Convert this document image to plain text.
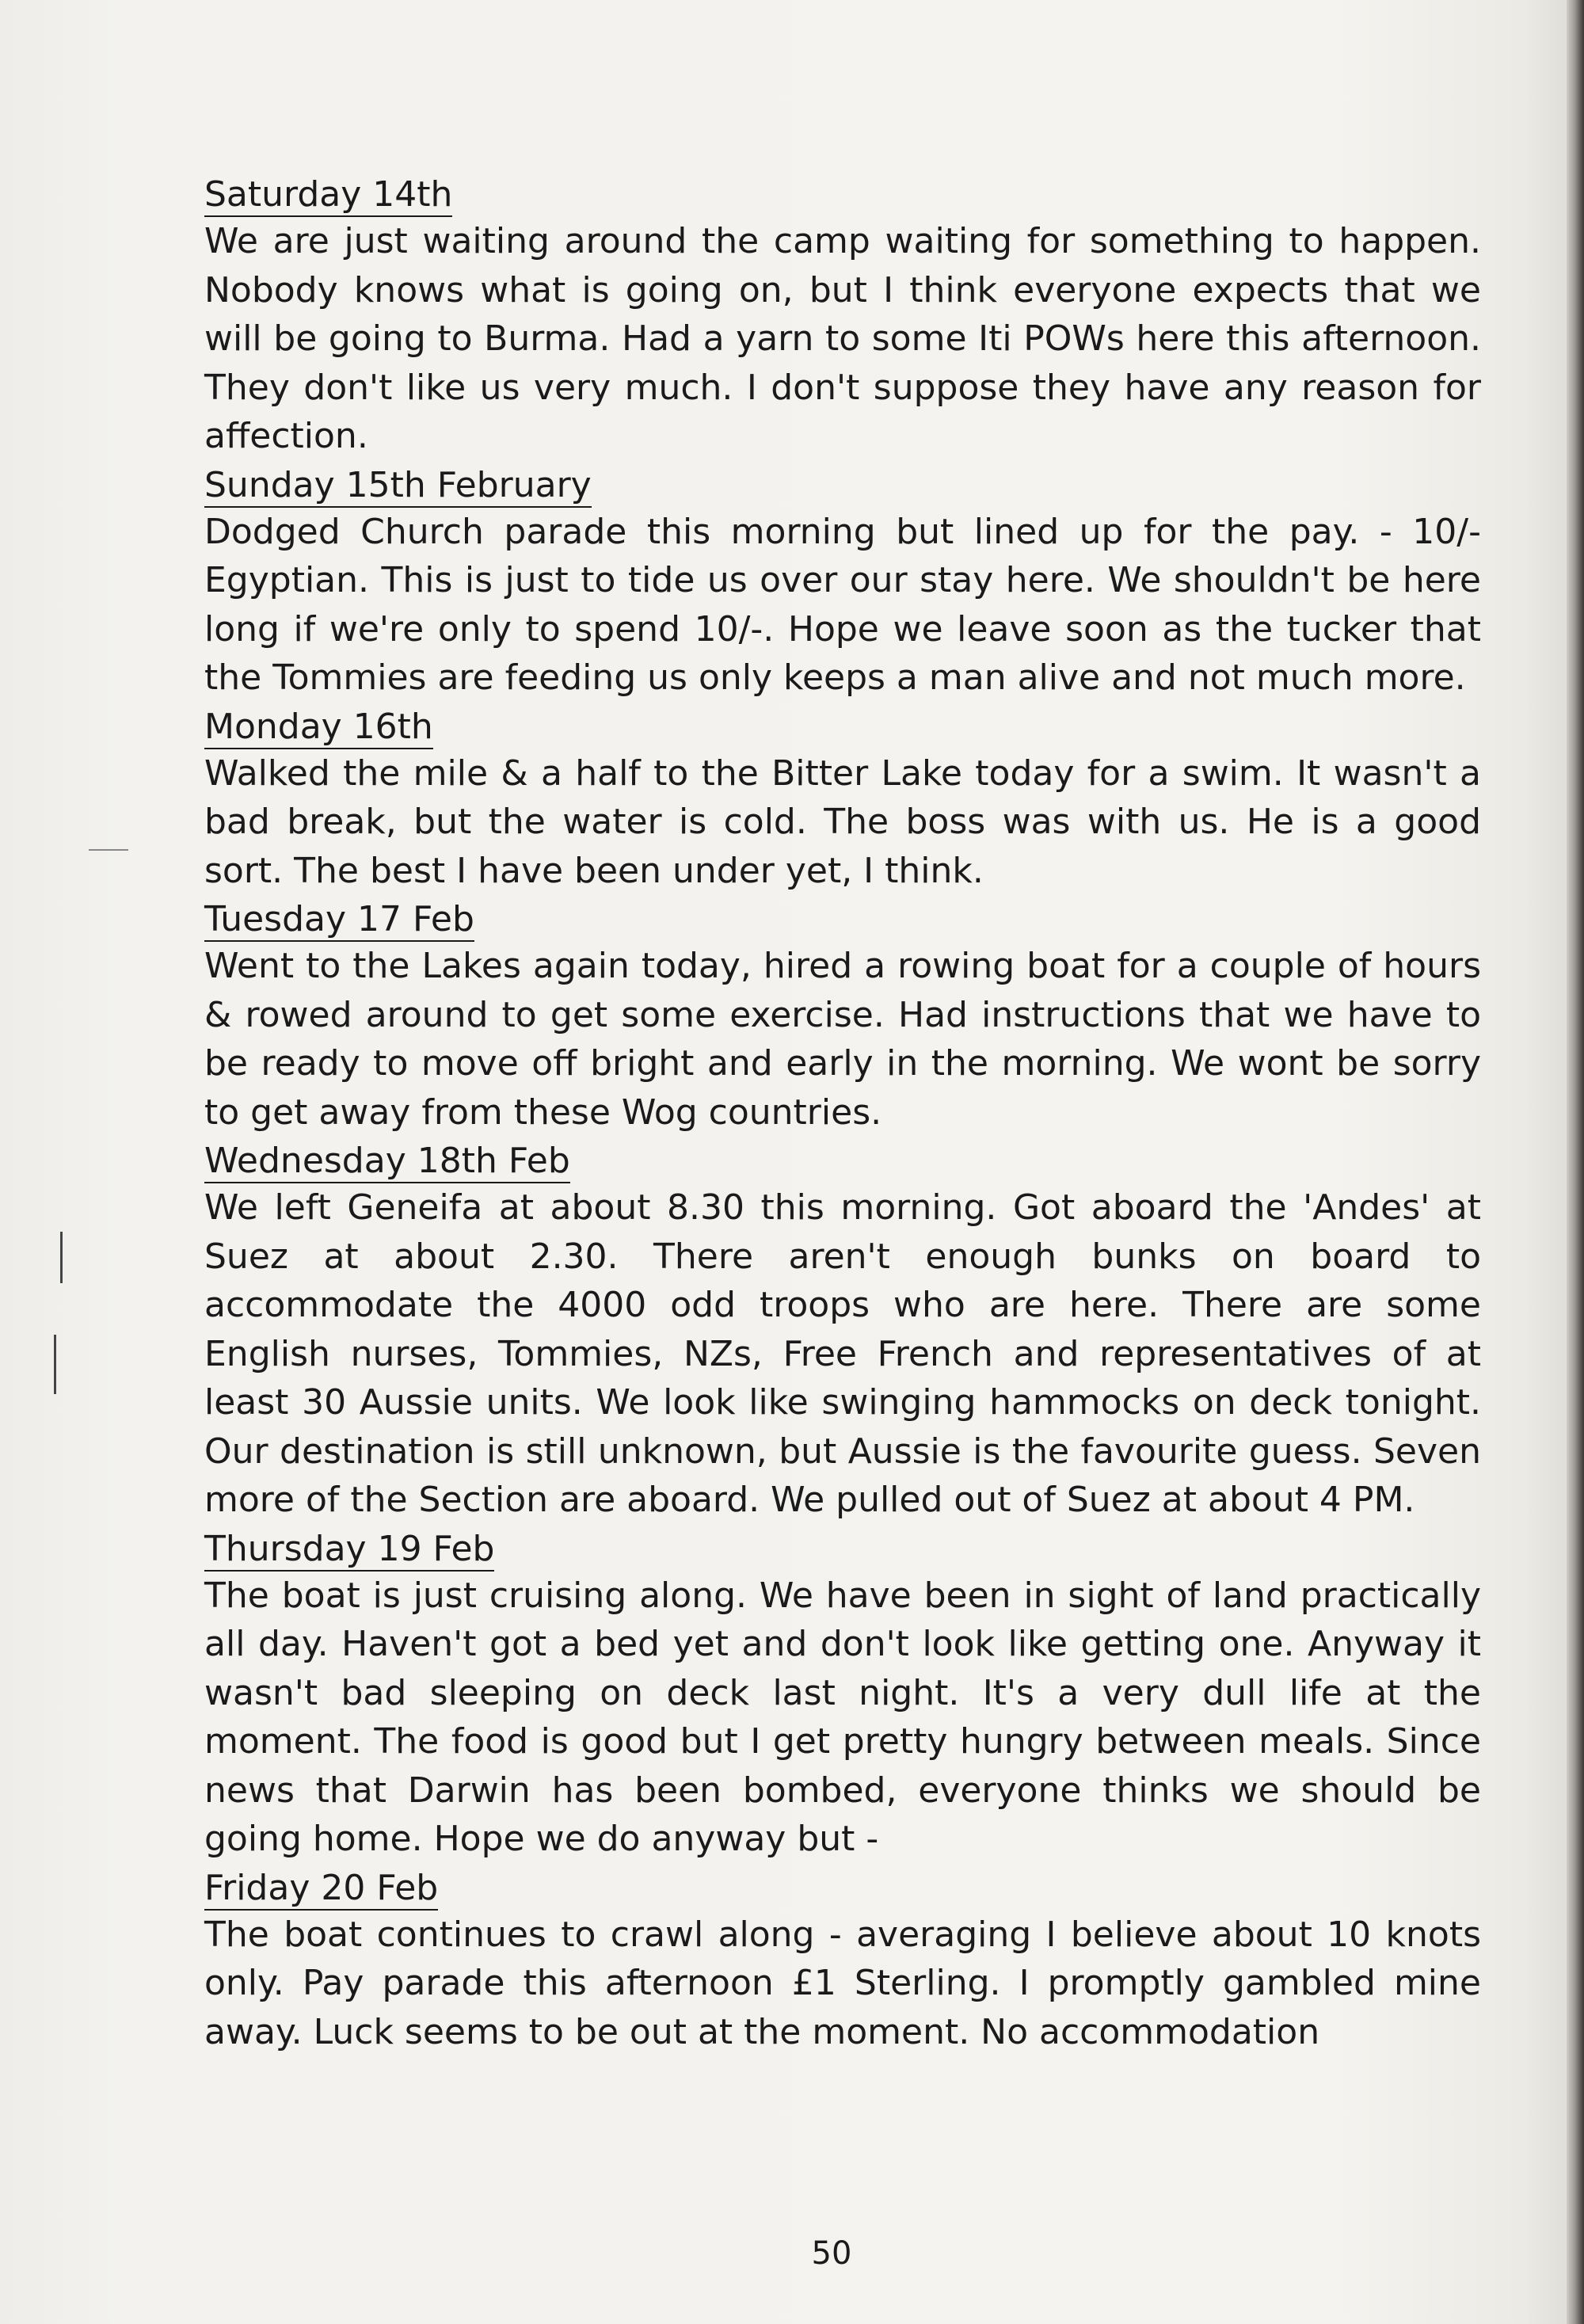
Saturday 14th

We are just waiting around the camp waiting for something to happen. Nobody knows what is going on, but I think everyone expects that we will be going to Burma. Had a yarn to some Iti POWs here this afternoon. They don't like us very much. I don't suppose they have any reason for affection.

Sunday 15th February

Dodged Church parade this morning but lined up for the pay. - 10/- Egyptian. This is just to tide us over our stay here. We shouldn't be here long if we're only to spend 10/-. Hope we leave soon as the tucker that the Tommies are feeding us only keeps a man alive and not much more.

Monday 16th

Walked the mile & a half to the Bitter Lake today for a swim. It wasn't a bad break, but the water is cold. The boss was with us. He is a good sort. The best I have been under yet, I think.

Tuesday 17 Feb

Went to the Lakes again today, hired a rowing boat for a couple of hours & rowed around to get some exercise. Had instructions that we have to be ready to move off bright and early in the morning. We wont be sorry to get away from these Wog countries.

Wednesday 18th Feb

We left Geneifa at about 8.30 this morning. Got aboard the 'Andes' at Suez at about 2.30. There aren't enough bunks on board to accommodate the 4000 odd troops who are here. There are some English nurses, Tommies, NZs, Free French and representatives of at least 30 Aussie units. We look like swinging hammocks on deck tonight. Our destination is still unknown, but Aussie is the favourite guess. Seven more of the Section are aboard. We pulled out of Suez at about 4 PM.

Thursday 19 Feb

The boat is just cruising along. We have been in sight of land practically all day. Haven't got a bed yet and don't look like getting one. Anyway it wasn't bad sleeping on deck last night. It's a very dull life at the moment. The food is good but I get pretty hungry between meals. Since news that Darwin has been bombed, everyone thinks we should be going home. Hope we do anyway but -

Friday 20 Feb

The boat continues to crawl along - averaging I believe about 10 knots only. Pay parade this afternoon £1 Sterling. I promptly gambled mine away. Luck seems to be out at the moment. No accommodation

50
